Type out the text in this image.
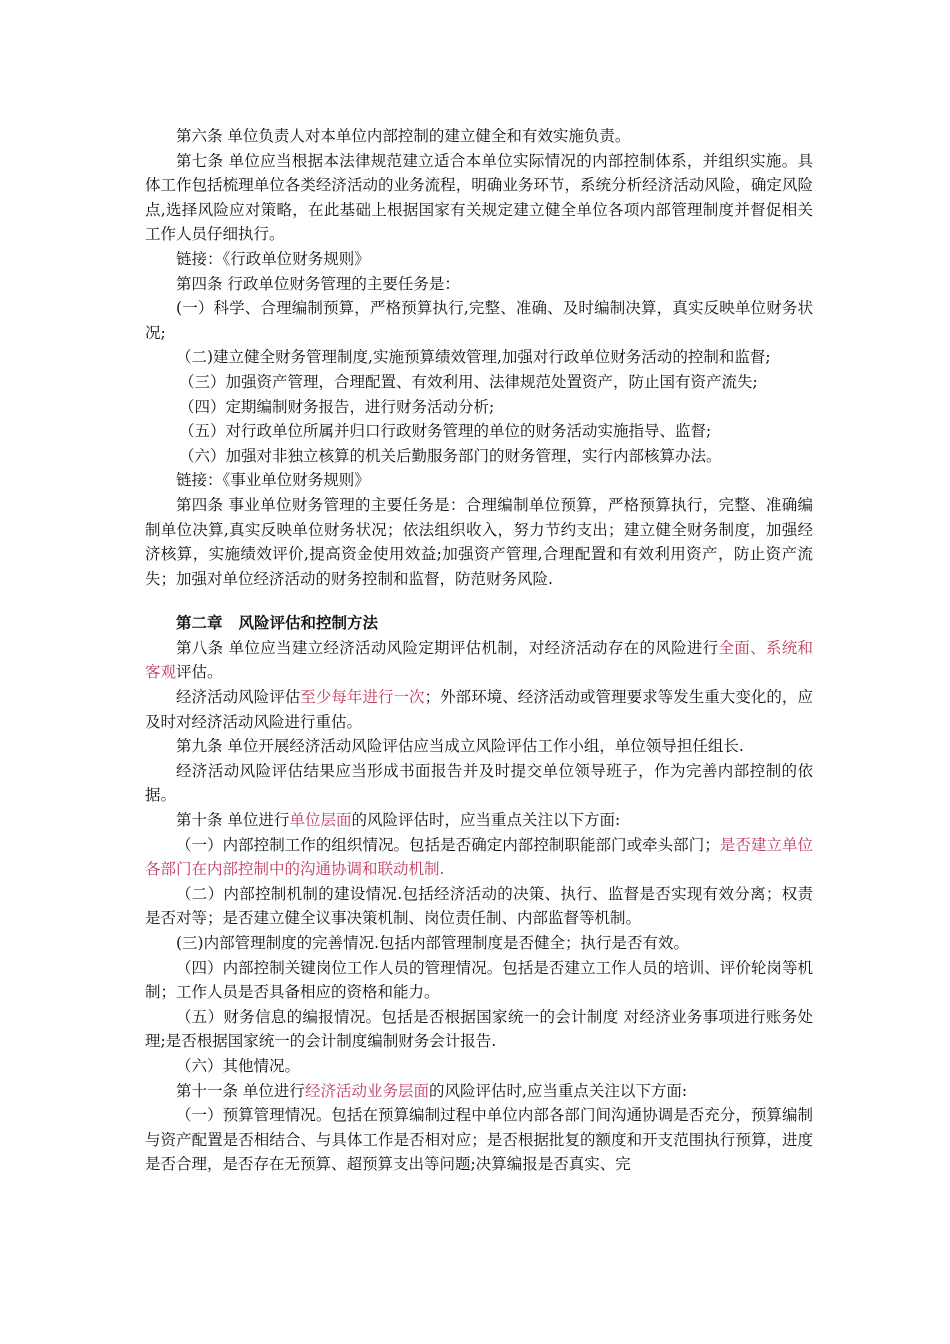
第六条 单位负责人对本单位内部控制的建立健全和有效实施负责。

第七条 单位应当根据本法律规范建立适合本单位实际情况的内部控制体系，并组织实施。具体工作包括梳理单位各类经济活动的业务流程，明确业务环节，系统分析经济活动风险，确定风险点,选择风险应对策略，在此基础上根据国家有关规定建立健全单位各项内部管理制度并督促相关工作人员仔细执行。

链接：《行政单位财务规则》

第四条 行政单位财务管理的主要任务是：

(一）科学、合理编制预算，严格预算执行,完整、准确、及时编制决算，真实反映单位财务状况;

（二)建立健全财务管理制度,实施预算绩效管理,加强对行政单位财务活动的控制和监督;

（三）加强资产管理，合理配置、有效利用、法律规范处置资产，防止国有资产流失;

（四）定期编制财务报告，进行财务活动分析;

（五）对行政单位所属并归口行政财务管理的单位的财务活动实施指导、监督;

（六）加强对非独立核算的机关后勤服务部门的财务管理，实行内部核算办法。

链接：《事业单位财务规则》

第四条 事业单位财务管理的主要任务是：合理编制单位预算，严格预算执行，完整、准确编制单位决算,真实反映单位财务状况；依法组织收入，努力节约支出；建立健全财务制度，加强经济核算，实施绩效评价,提高资金使用效益;加强资产管理,合理配置和有效利用资产，防止资产流失；加强对单位经济活动的财务控制和监督，防范财务风险.

第二章 风险评估和控制方法

第八条 单位应当建立经济活动风险定期评估机制，对经济活动存在的风险进行全面、系统和客观评估。

经济活动风险评估至少每年进行一次；外部环境、经济活动或管理要求等发生重大变化的，应及时对经济活动风险进行重估。

第九条 单位开展经济活动风险评估应当成立风险评估工作小组，单位领导担任组长.

经济活动风险评估结果应当形成书面报告并及时提交单位领导班子，作为完善内部控制的依据。

第十条 单位进行单位层面的风险评估时，应当重点关注以下方面:

（一）内部控制工作的组织情况。包括是否确定内部控制职能部门或牵头部门；是否建立单位各部门在内部控制中的沟通协调和联动机制.

（二）内部控制机制的建设情况.包括经济活动的决策、执行、监督是否实现有效分离；权责是否对等；是否建立健全议事决策机制、岗位责任制、内部监督等机制。

(三)内部管理制度的完善情况.包括内部管理制度是否健全；执行是否有效。

（四）内部控制关键岗位工作人员的管理情况。包括是否建立工作人员的培训、评价轮岗等机制；工作人员是否具备相应的资格和能力。

（五）财务信息的编报情况。包括是否根据国家统一的会计制度 对经济业务事项进行账务处理;是否根据国家统一的会计制度编制财务会计报告.

（六）其他情况。

第十一条 单位进行经济活动业务层面的风险评估时,应当重点关注以下方面:

（一）预算管理情况。包括在预算编制过程中单位内部各部门间沟通协调是否充分，预算编制与资产配置是否相结合、与具体工作是否相对应；是否根据批复的额度和开支范围执行预算，进度是否合理，是否存在无预算、超预算支出等问题;决算编报是否真实、完
